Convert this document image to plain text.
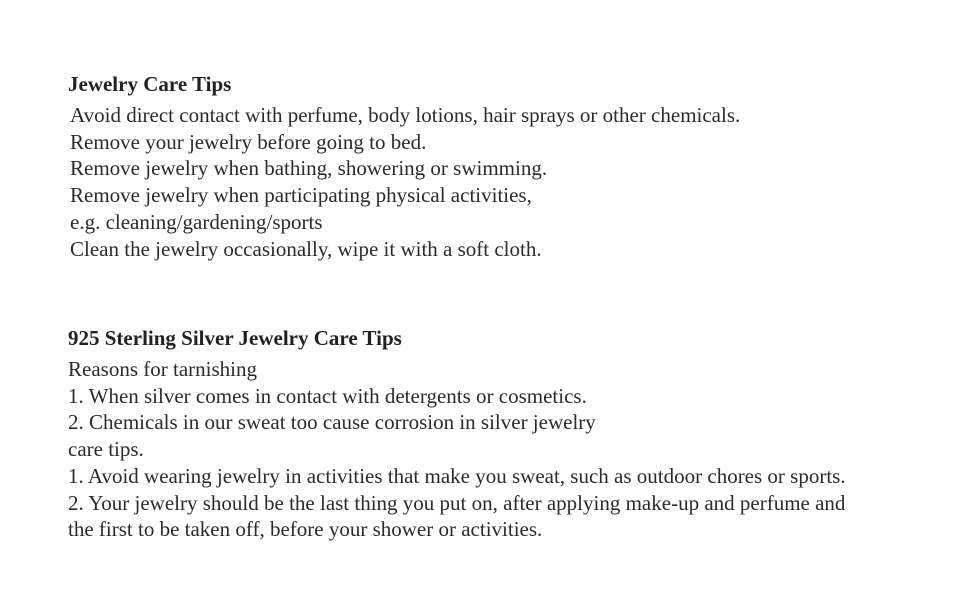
Jewelry Care Tips

Avoid direct contact with perfume, body lotions, hair sprays or other chemicals.

Remove your jewelry before going to bed.

Remove jewelry when bathing, showering or swimming.

Remove jewelry when participating physical activities,

e.g. cleaning/gardening/sports

Clean the jewelry occasionally, wipe it with a soft cloth.

925 Sterling Silver Jewelry Care Tips

Reasons for tarnishing

1. When silver comes in contact with detergents or cosmetics.

2. Chemicals in our sweat too cause corrosion in silver jewelry

care tips.

1. Avoid wearing jewelry in activities that make you sweat, such as outdoor chores or sports.

2. Your jewelry should be the last thing you put on, after applying make-up and perfume and

the first to be taken off, before your shower or activities.
